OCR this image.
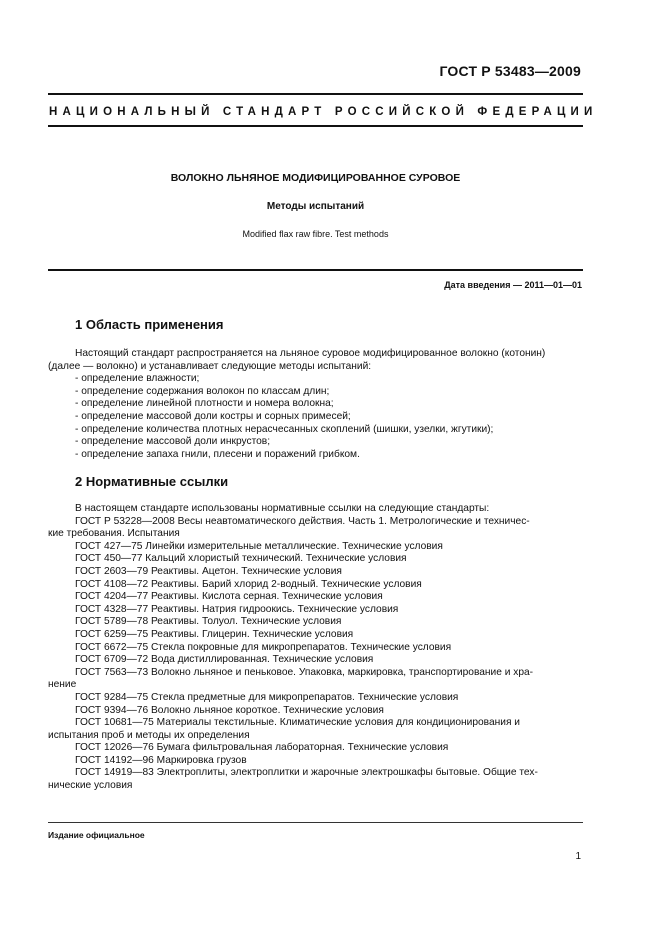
ГОСТ Р 53483—2009
НАЦИОНАЛЬНЫЙ СТАНДАРТ РОССИЙСКОЙ ФЕДЕРАЦИИ
ВОЛОКНО ЛЬНЯНОЕ МОДИФИЦИРОВАННОЕ СУРОВОЕ
Методы испытаний
Modified flax raw fibre. Test methods
Дата введения — 2011—01—01
1 Область применения
Настоящий стандарт распространяется на льняное суровое модифицированное волокно (котонин)
(далее — волокно) и устанавливает следующие методы испытаний:
- определение влажности;
- определение содержания волокон по классам длин;
- определение линейной плотности и номера волокна;
- определение массовой доли костры и сорных примесей;
- определение количества плотных нерасчесанных скоплений (шишки, узелки, жгутики);
- определение массовой доли инкрустов;
- определение запаха гнили, плесени и поражений грибком.
2 Нормативные ссылки
В настоящем стандарте использованы нормативные ссылки на следующие стандарты:
ГОСТ Р 53228—2008 Весы неавтоматического действия. Часть 1. Метрологические и техничес-
кие требования. Испытания
ГОСТ 427—75 Линейки измерительные металлические. Технические условия
ГОСТ 450—77 Кальций хлористый технический. Технические условия
ГОСТ 2603—79 Реактивы. Ацетон. Технические условия
ГОСТ 4108—72 Реактивы. Барий хлорид 2-водный. Технические условия
ГОСТ 4204—77 Реактивы. Кислота серная. Технические условия
ГОСТ 4328—77 Реактивы. Натрия гидроокись. Технические условия
ГОСТ 5789—78 Реактивы. Толуол. Технические условия
ГОСТ 6259—75 Реактивы. Глицерин. Технические условия
ГОСТ 6672—75 Стекла покровные для микропрепаратов. Технические условия
ГОСТ 6709—72 Вода дистиллированная. Технические условия
ГОСТ 7563—73 Волокно льняное и пеньковое. Упаковка, маркировка, транспортирование и хра-
нение
ГОСТ 9284—75 Стекла предметные для микропрепаратов. Технические условия
ГОСТ 9394—76 Волокно льняное короткое. Технические условия
ГОСТ 10681—75 Материалы текстильные. Климатические условия для кондиционирования и
испытания проб и методы их определения
ГОСТ 12026—76 Бумага фильтровальная лабораторная. Технические условия
ГОСТ 14192—96 Маркировка грузов
ГОСТ 14919—83 Электроплиты, электроплитки и жарочные электрошкафы бытовые. Общие тех-
нические условия
Издание официальное
1
